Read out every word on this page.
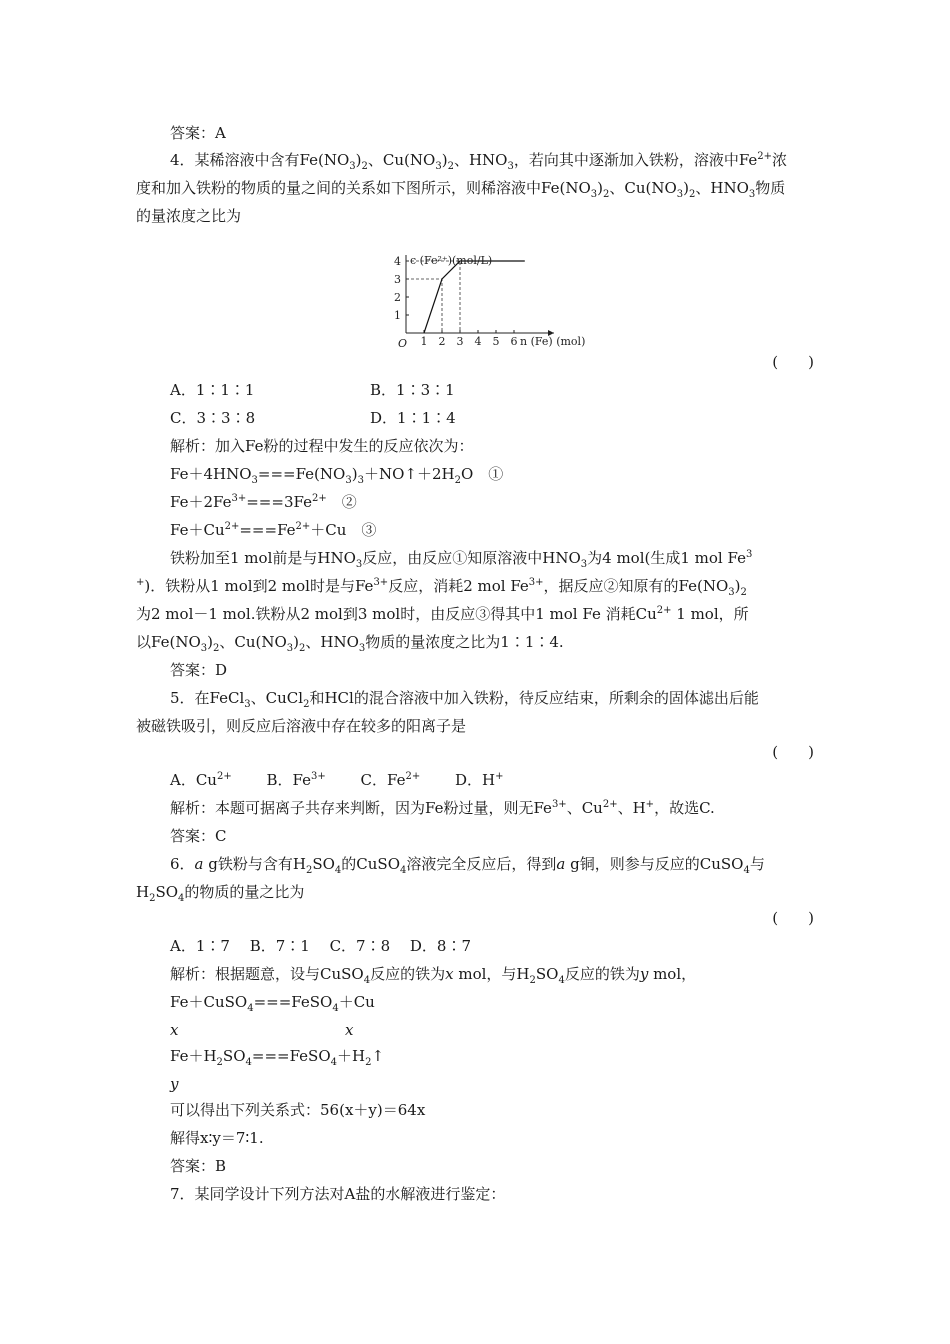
答案：A
4．某稀溶液中含有$Fe(NO_3)_2$、$Cu(NO_3)_2$、$HNO_3$，若向其中逐渐加入铁粉，溶液中$Fe^{2+}$浓
度和加入铁粉的物质的量之间的关系如下图所示，则稀溶液中$Fe(NO_3)_2$、$Cu(NO_3)_2$、$HNO_3$物质
的量浓度之比为
1 2 3 4 5 6
1
2
3
4
O
c (Fe²⁺)(mol/L)
n (Fe) (mol)
(　　)
A．1∶1∶1	B．1∶3∶1
C．3∶3∶8	D．1∶1∶4
解析：加入Fe粉的过程中发生的反应依次为：
$Fe+4HNO_3===Fe(NO_3)_3+NO↑+2H_2O$　①
$Fe+2Fe^{3+}===3Fe^{2+}$　②
$Fe+Cu^{2+}===Fe^{2+}+Cu$　③
铁粉加至1 mol前是与$HNO_3$反应，由反应①知原溶液中$HNO_3$为4 mol(生成1 mol Fe$^3$
+)．铁粉从1 mol到2 mol时是与$Fe^{3+}$反应，消耗2 mol $Fe^{3+}$，据反应②知原有的$Fe(NO_3)_2$
为2 mol－1 mol.铁粉从2 mol到3 mol时，由反应③得其中1 mol Fe 消耗$Cu^{2+}$ 1 mol，所
以$Fe(NO_3)_2$、$Cu(NO_3)_2$、$HNO_3$物质的量浓度之比为1∶1∶4.
答案：D
5．在FeCl$_3$、CuCl$_2$和HCl的混合溶液中加入铁粉，待反应结束，所剩余的固体滤出后能
被磁铁吸引，则反应后溶液中存在较多的阳离子是
(　　)
A．$Cu^{2+}$　　 B．$Fe^{3+}$　　 C．$Fe^{2+}$　　 D．H+
解析：本题可据离子共存来判断，因为Fe粉过量，则无$Fe^{3+}$、$Cu^{2+}$、H+，故选C.
答案：C
6．a g铁粉与含有$H_2SO_4$的CuSO$_4$溶液完全反应后，得到a g铜，则参与反应的CuSO$_4$与
$H_2SO_4$的物质的量之比为
(　　)
A．1∶7　 B．7∶1　 C．7∶8　 D．8∶7
解析：根据题意，设与CuSO$_4$反应的铁为x mol，与$H_2SO_4$反应的铁为y mol，
Fe＋CuSO$_4$===FeSO$_4$＋Cu
x	x
$Fe+H_2SO_4===FeSO_4+H_2↑$
y
可以得出下列关系式：56(x＋y)＝64x
解得x∶y＝7∶1.
答案：B
7．某同学设计下列方法对A盐的水解液进行鉴定：
